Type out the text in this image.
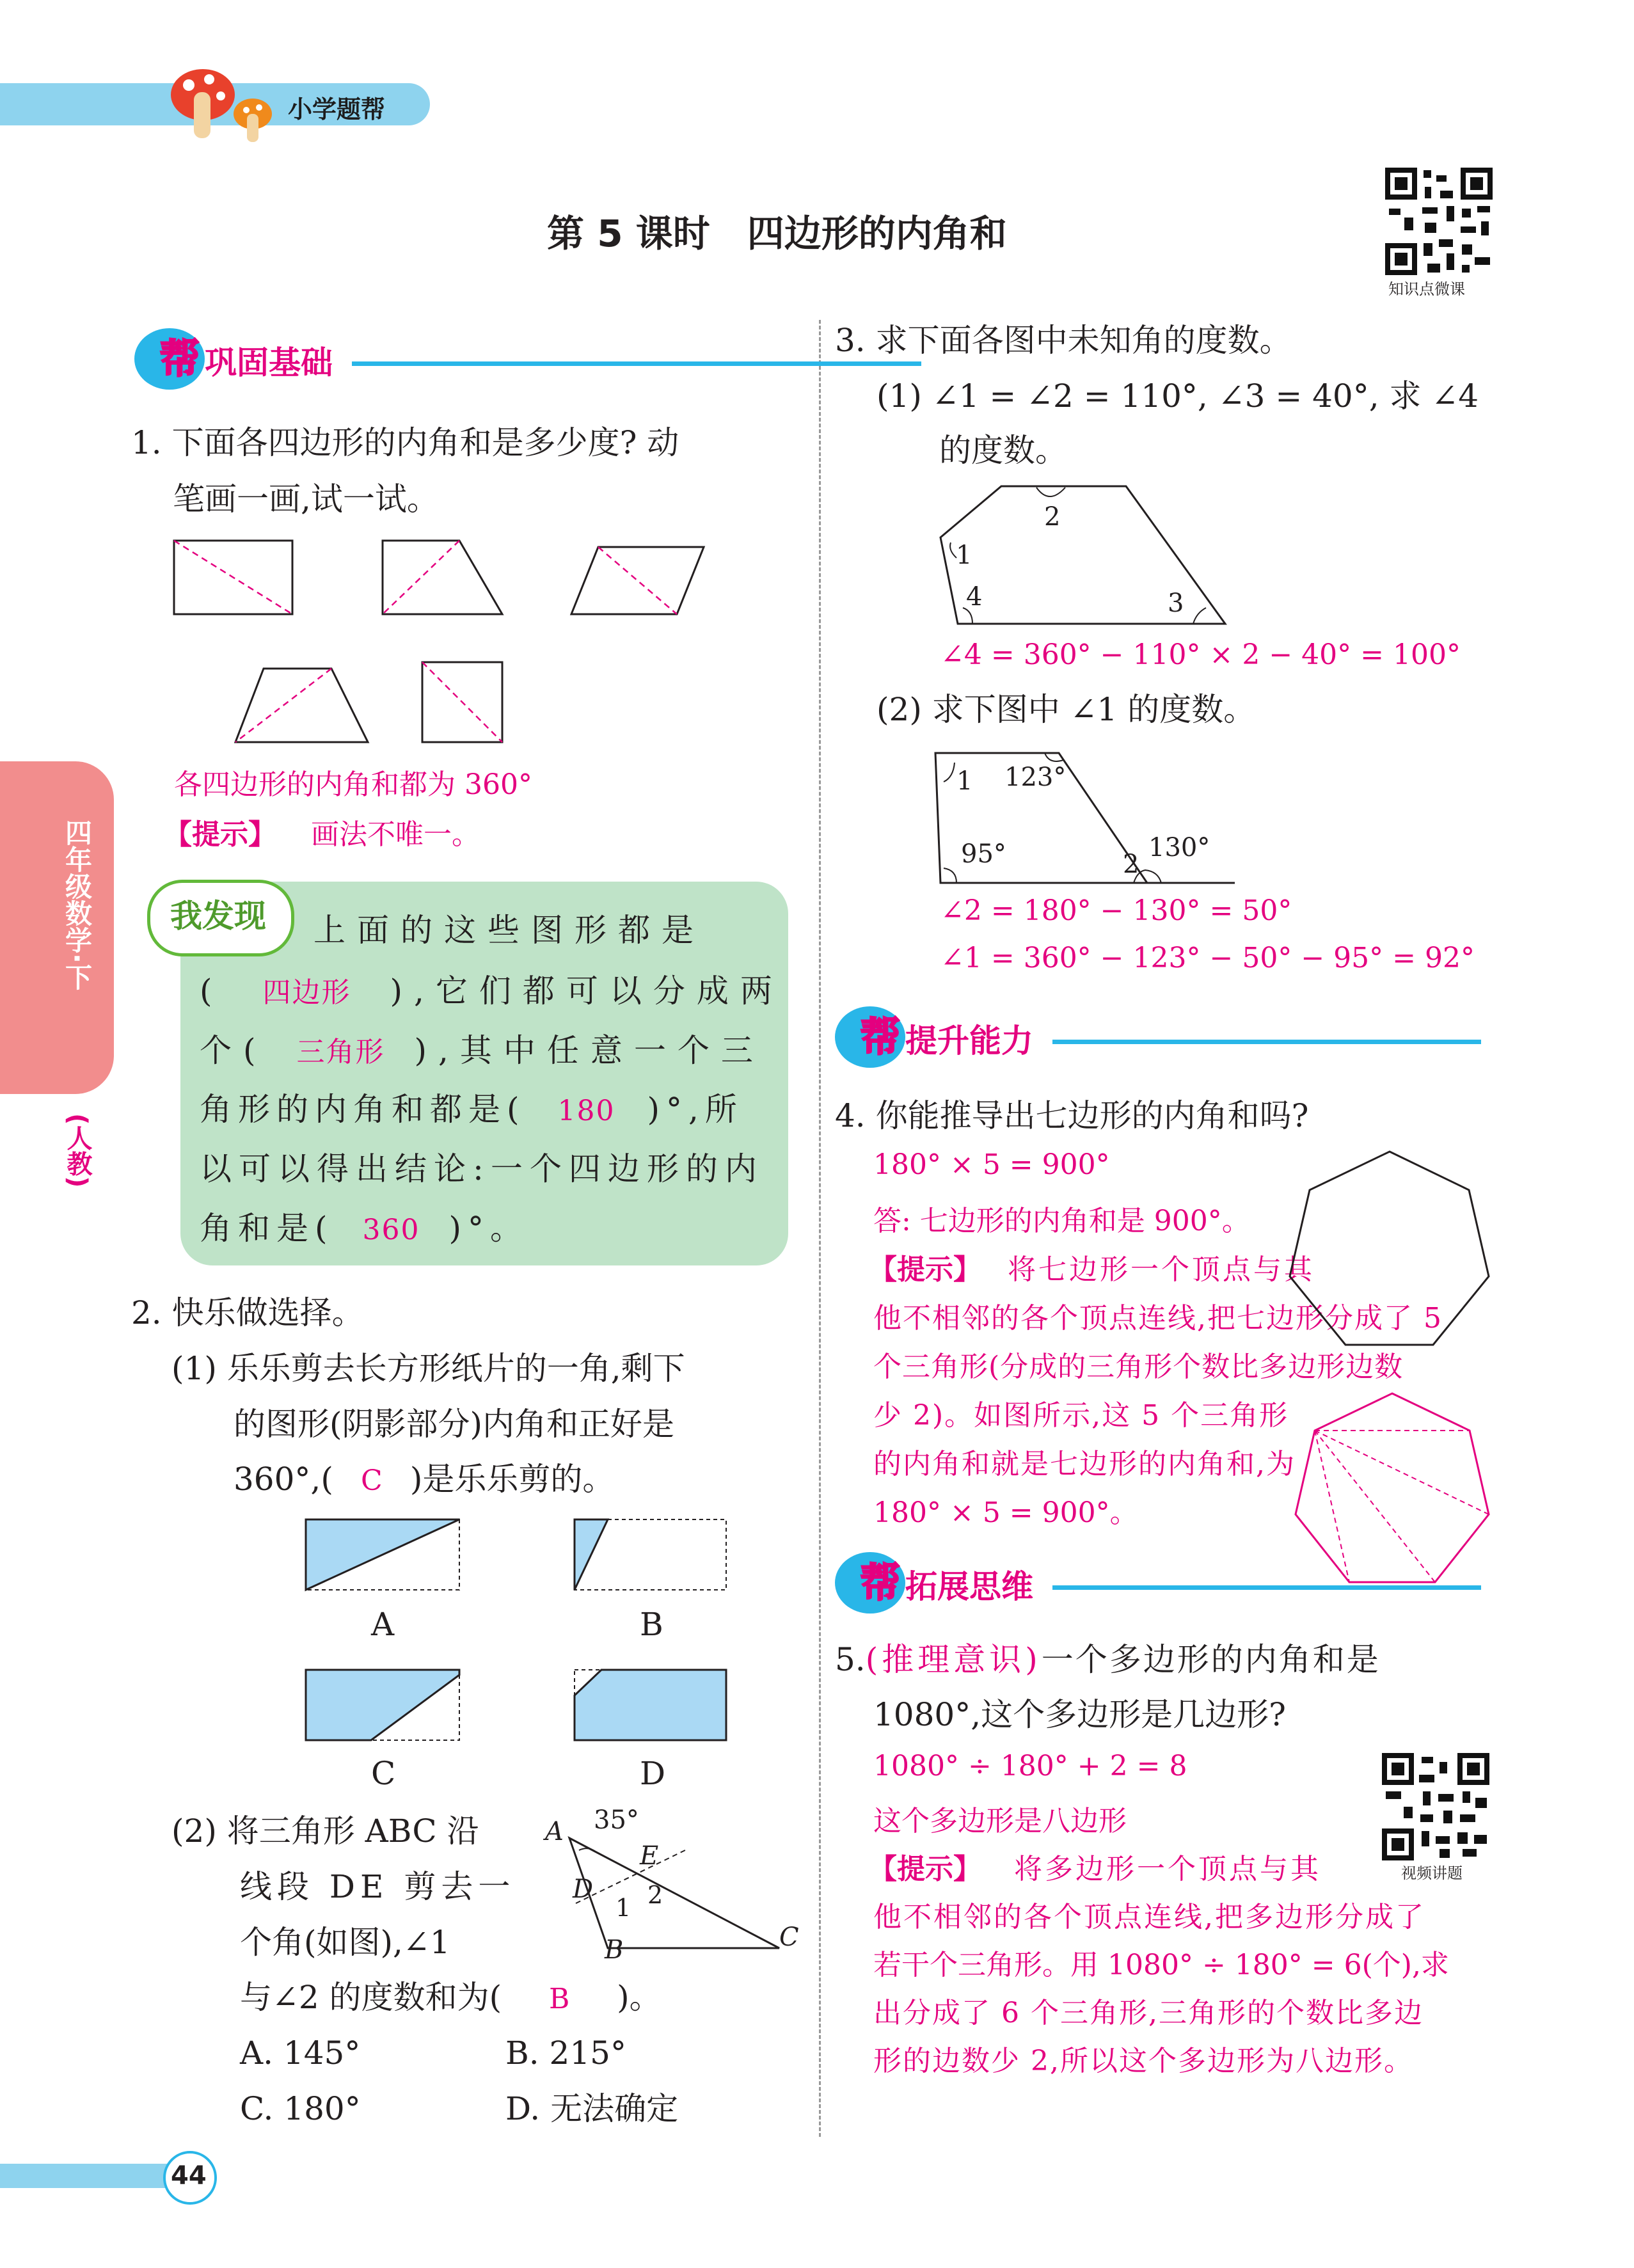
小学题帮
第 5 课时　四边形的内角和
知识点微课
视频讲题
四年级数学·下
(人教)
帮 巩固基础
1. 下面各四边形的内角和是多少度? 动
笔画一画,试一试。
各四边形的内角和都为 360°
【提示】 画法不唯一。
我发现 上面的这些图形都是
( 四边形 ),它们都可以分成两
个( 三角形 ),其中任意一个三
角形的内角和都是( 180 )°,所
以可以得出结论:一个四边形的内
角和是( 360 )°。
2. 快乐做选择。
(1) 乐乐剪去长方形纸片的一角,剩下
的图形(阴影部分)内角和正好是
360°,( C )是乐乐剪的。
A	B
C	D
(2) 将三角形 ABC 沿
线段 DE 剪去一
个角(如图),∠1
与∠2 的度数和为( B )。
A. 145°	B. 215°
C. 180°	D. 无法确定
A 35°
E
2
D
1
B	C
3. 求下面各图中未知角的度数。
(1) ∠1 = ∠2 = 110°, ∠3 = 40°, 求 ∠4
的度数。
1
2
3
4
∠4 = 360° − 110° × 2 − 40° = 100°
(2) 求下图中 ∠1 的度数。
1 123°
95°	2
130°
∠2 = 180° − 130° = 50°
∠1 = 360° − 123° − 50° − 95° = 92°
帮 提升能力
4. 你能推导出七边形的内角和吗?
180° × 5 = 900°
答: 七边形的内角和是 900°。
【提示】 将七边形一个顶点与其
他不相邻的各个顶点连线,把七边形分成了 5
个三角形(分成的三角形个数比多边形边数
少 2)。如图所示,这 5 个三角形
的内角和就是七边形的内角和,为
180° × 5 = 900°。
帮 拓展思维
5.(推理意识)一个多边形的内角和是
1080°,这个多边形是几边形?
1080° ÷ 180° + 2 = 8
这个多边形是八边形
【提示】 将多边形一个顶点与其
他不相邻的各个顶点连线,把多边形分成了
若干个三角形。用 1080° ÷ 180° = 6(个),求
出分成了 6 个三角形,三角形的个数比多边
形的边数少 2,所以这个多边形为八边形。
44
